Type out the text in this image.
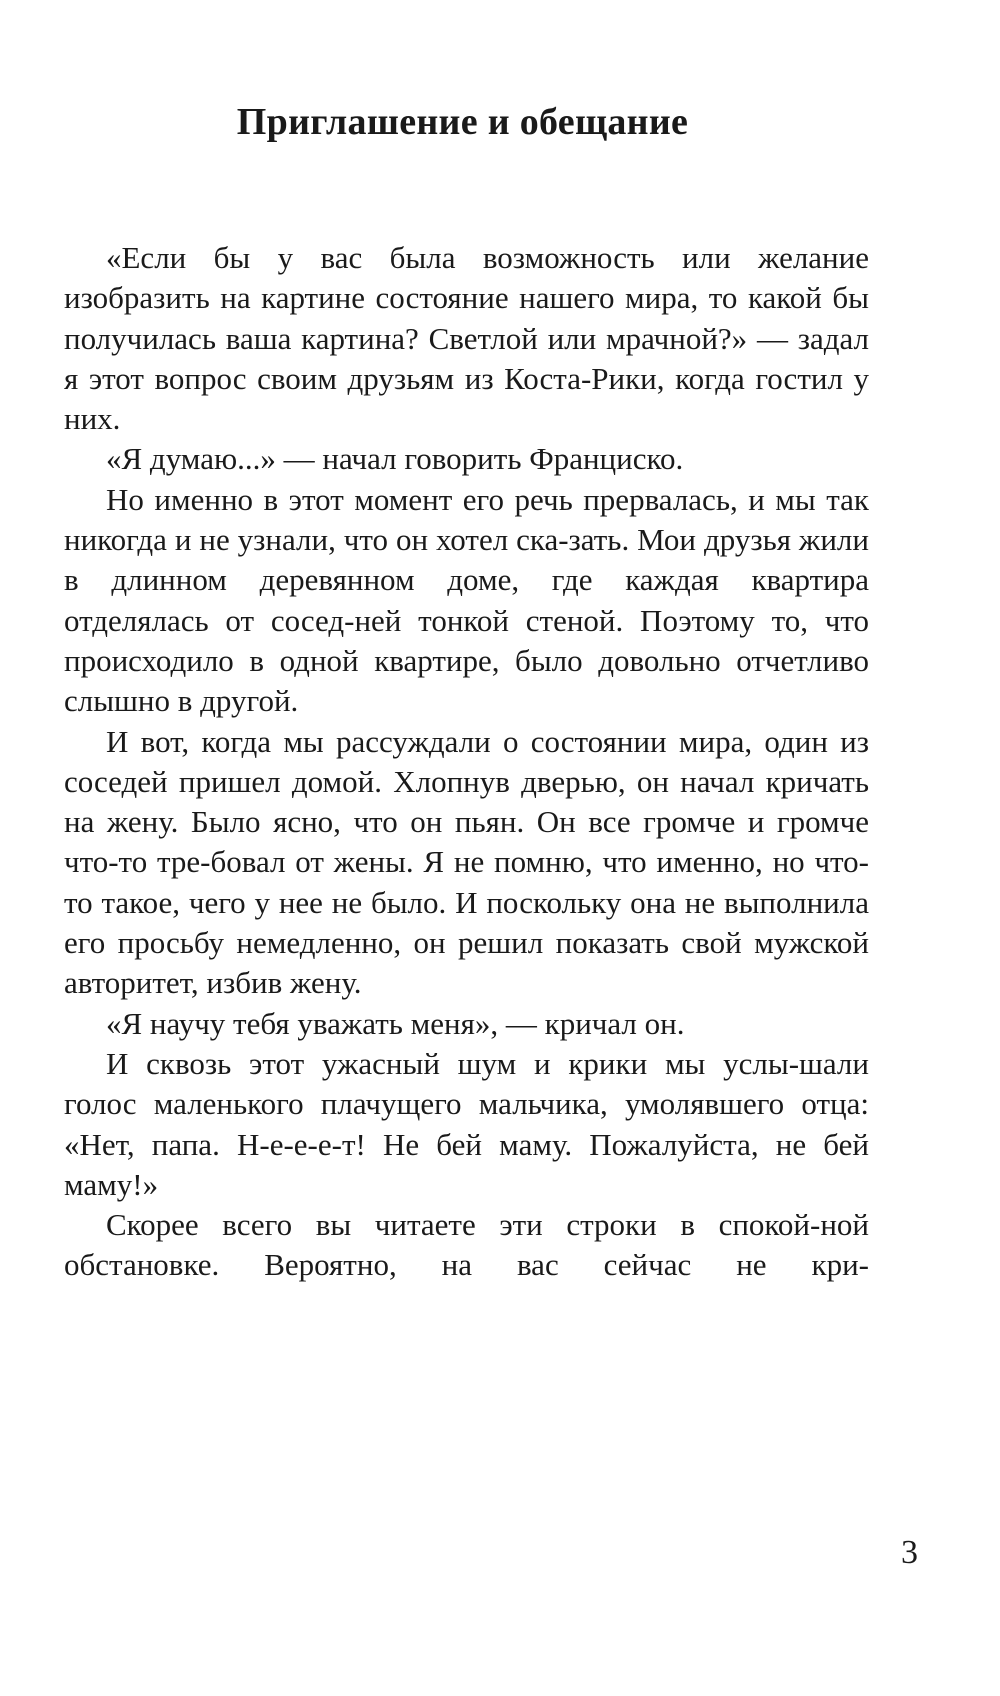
Приглашение и обещание

«Если бы у вас была возможность или желание изобразить на картине состояние нашего мира, то какой бы получилась ваша картина? Светлой или мрачной?» — задал я этот вопрос своим друзьям из Коста-Рики, когда гостил у них.

«Я думаю...» — начал говорить Франциско.

Но именно в этот момент его речь прервалась, и мы так никогда и не узнали, что он хотел ска-зать. Мои друзья жили в длинном деревянном доме, где каждая квартира отделялась от сосед-ней тонкой стеной. Поэтому то, что происходило в одной квартире, было довольно отчетливо слышно в другой.

И вот, когда мы рассуждали о состоянии мира, один из соседей пришел домой. Хлопнув дверью, он начал кричать на жену. Было ясно, что он пьян. Он все громче и громче что-то тре-бовал от жены. Я не помню, что именно, но что-то такое, чего у нее не было. И поскольку она не выполнила его просьбу немедленно, он решил показать свой мужской авторитет, избив жену.

«Я научу тебя уважать меня», — кричал он.

И сквозь этот ужасный шум и крики мы услы-шали голос маленького плачущего мальчика, умолявшего отца: «Нет, папа. Н-е-е-е-т! Не бей маму. Пожалуйста, не бей маму!»

Скорее всего вы читаете эти строки в спокой-ной обстановке. Вероятно, на вас сейчас не кри-

3
